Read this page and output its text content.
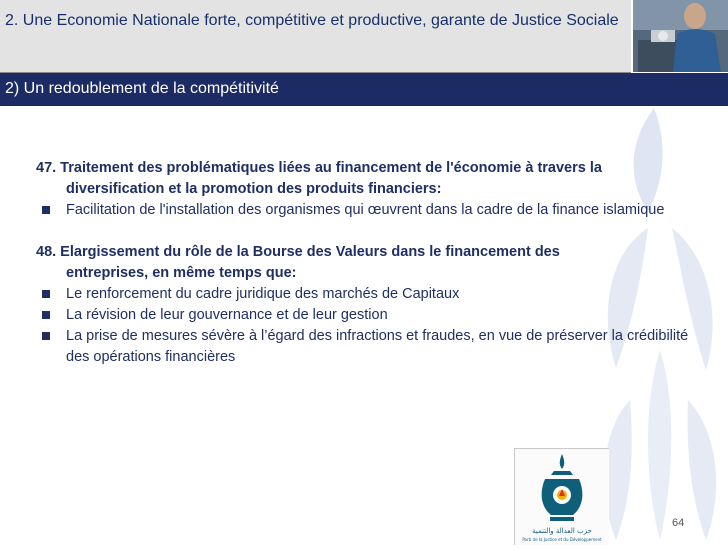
2. Une Economie Nationale forte, compétitive et productive, garante de Justice Sociale
2) Un redoublement de la compétitivité
47. Traitement des problématiques liées au financement de l'économie à travers la
diversification et la promotion des produits financiers:
Facilitation de l'installation des organismes qui œuvrent dans la cadre de la finance islamique
48. Elargissement du rôle de la Bourse des Valeurs dans le financement des
entreprises, en même temps que:
Le renforcement du cadre juridique des marchés de Capitaux
La révision de leur gouvernance et de leur gestion
La prise de mesures sévère à l’égard des infractions et fraudes, en vue de préserver la crédibilité des opérations financières
حزب العدالة والتنمية
Parti de la Justice et du Développement
64
